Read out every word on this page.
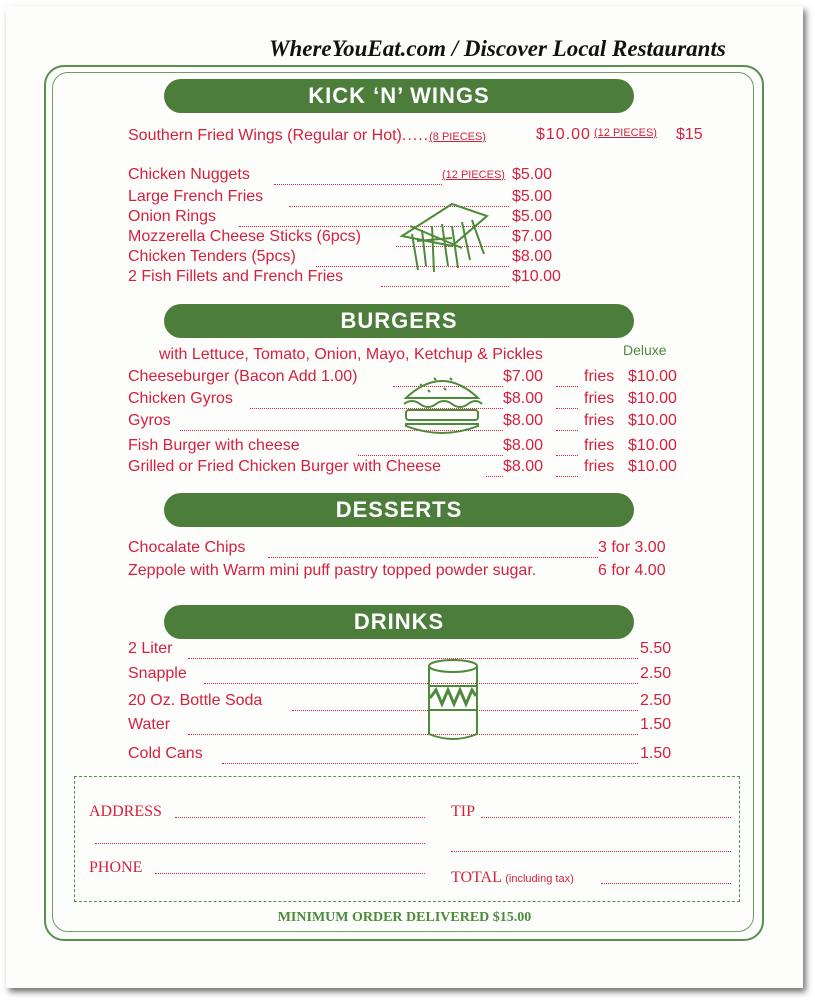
WhereYouEat.com / Discover Local Restaurants
KICK ‘N’ WINGS
Southern Fried Wings (Regular or Hot).....(8 PIECES)	$10.00 (12 PIECES) $15
Chicken Nuggets	(12 PIECES) $5.00
Large French Fries	$5.00
Onion Rings	$5.00
Mozzerella Cheese Sticks (6pcs)	$7.00
Chicken Tenders (5pcs)	$8.00
2 Fish Fillets and French Fries	$10.00
BURGERS
with Lettuce, Tomato, Onion, Mayo, Ketchup & Pickles	Deluxe
Cheeseburger (Bacon Add 1.00)	$7.00	fries $10.00
Chicken Gyros	$8.00	fries $10.00
Gyros	$8.00	fries $10.00
Fish Burger with cheese	$8.00	fries $10.00
Grilled or Fried Chicken Burger with Cheese	$8.00	fries $10.00
DESSERTS
Chocalate Chips	3 for 3.00
Zeppole with Warm mini puff pastry topped powder sugar.	6 for 4.00
DRINKS
2 Liter	5.50
Snapple	2.50
20 Oz. Bottle Soda	2.50
Water	1.50
Cold Cans	1.50
ADDRESS
PHONE
TIP
TOTAL (including tax)
MINIMUM ORDER DELIVERED $15.00
